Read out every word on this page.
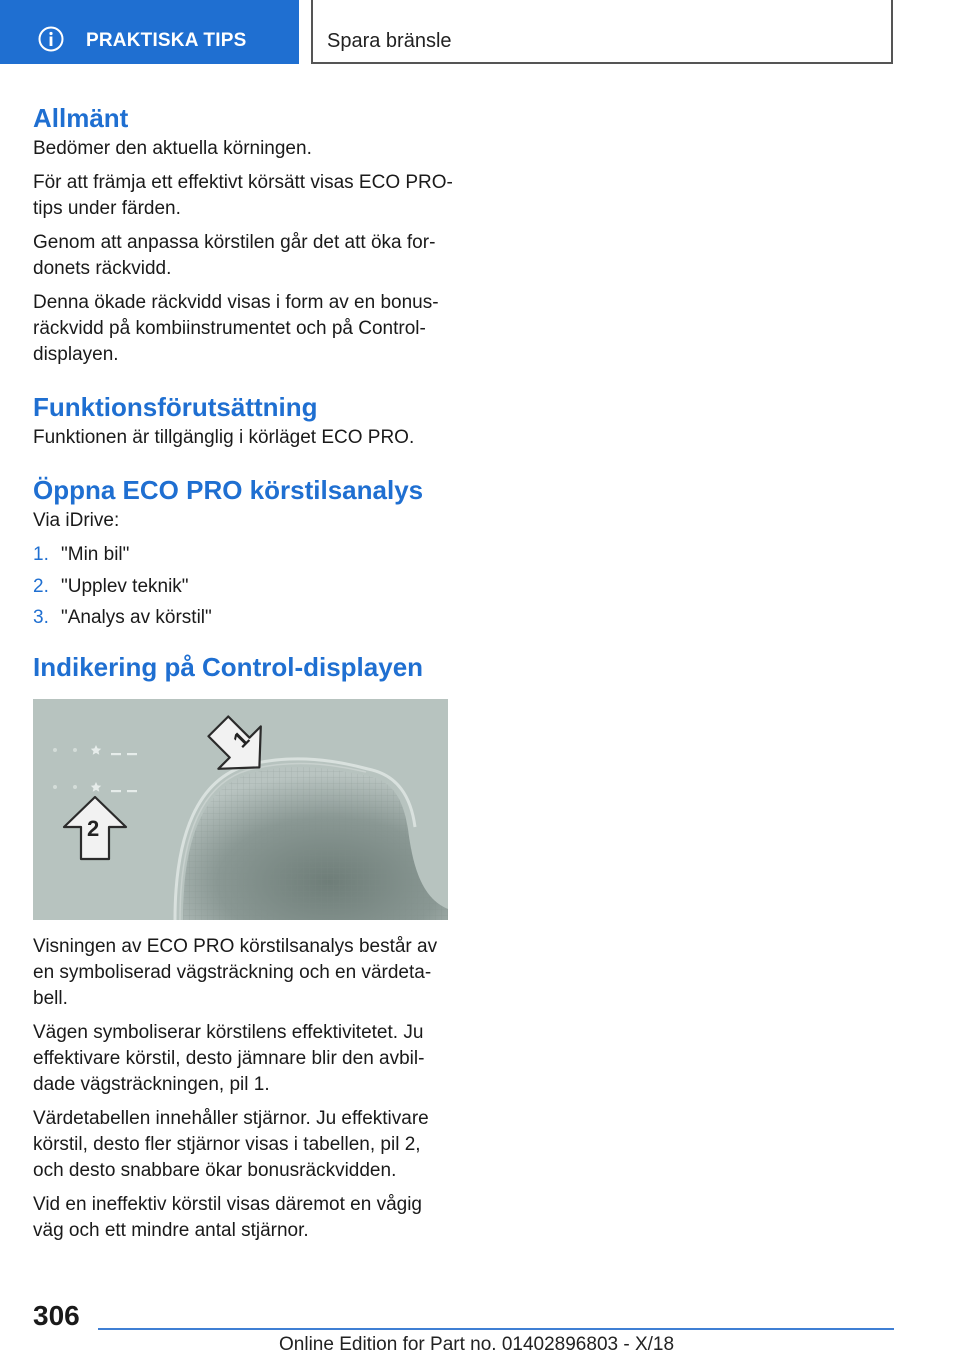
PRAKTISKA TIPS	Spara bränsle
Allmänt

Bedömer den aktuella körningen.

För att främja ett effektivt körsätt visas ECO PRO-tips under färden.

Genom att anpassa körstilen går det att öka fordonets räckvidd.

Denna ökade räckvidd visas i form av en bonusräckvidd på kombiinstrumentet och på Control-displayen.

Funktionsförutsättning

Funktionen är tillgänglig i körläget ECO PRO.

Öppna ECO PRO körstilsanalys

Via iDrive:

1. "Min bil"
2. "Upplev teknik"
3. "Analys av körstil"
Indikering på Control-displayen
1
2

Visningen av ECO PRO körstilsanalys består av en symboliserad vägsträckning och en värdetabell.

Vägen symboliserar körstilens effektivitetet. Ju effektivare körstil, desto jämnare blir den avbildade vägsträckningen, pil 1.

Värdetabellen innehåller stjärnor. Ju effektivare körstil, desto fler stjärnor visas i tabellen, pil 2, och desto snabbare ökar bonusräckvidden.

Vid en ineffektiv körstil visas däremot en vågig väg och ett mindre antal stjärnor.

306
Online Edition for Part no. 01402896803 - X/18
